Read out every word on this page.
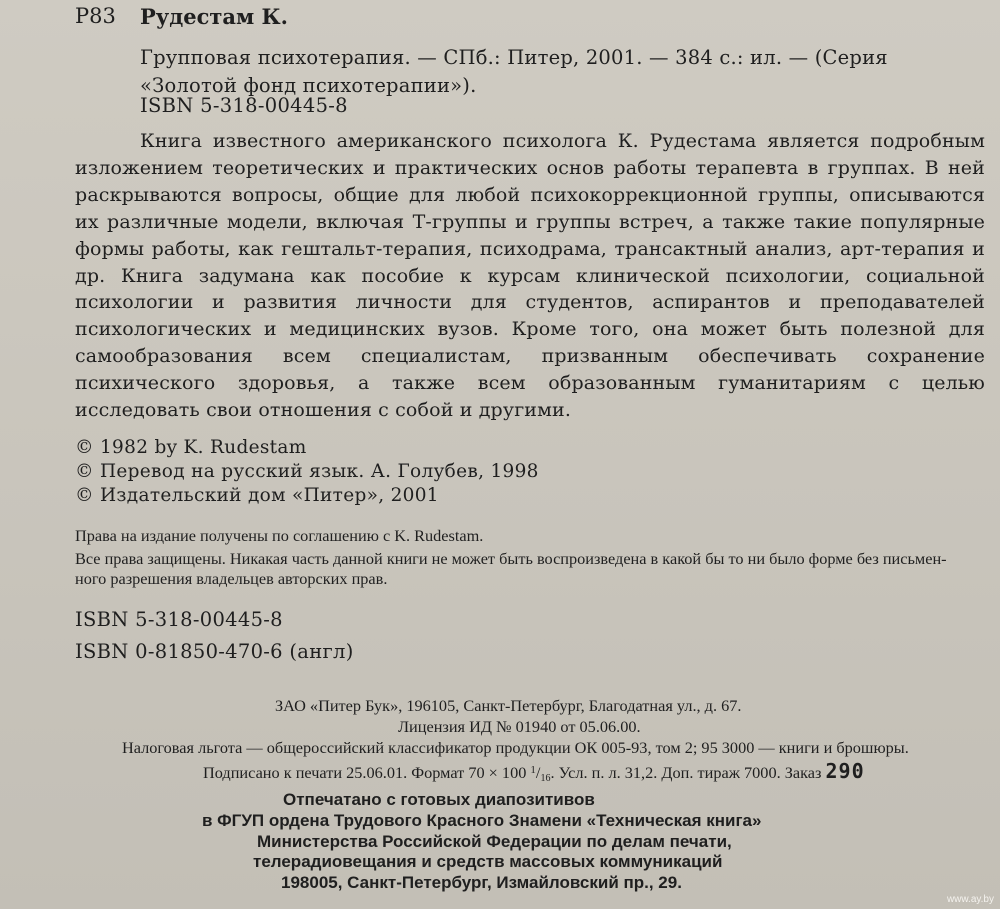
Р83 Рудестам К.
Групповая психотерапия. — СПб.: Питер, 2001. — 384 с.: ил. — (Серия «Золотой фонд психотерапии»).
ISBN 5-318-00445-8
Книга известного американского психолога К. Рудестама является подробным изложением теоретических и практических основ работы терапевта в группах. В ней раскрываются вопросы, общие для любой психокоррекционной группы, описываются их различные модели, включая Т-группы и группы встреч, а также такие популярные формы работы, как гештальт-терапия, психодрама, трансактный анализ, арт-терапия и др. Книга задумана как пособие к курсам клинической психологии, социальной психологии и развития личности для студентов, аспирантов и преподавателей психологических и медицинских вузов. Кроме того, она может быть полезной для самообразования всем специалистам, призванным обеспечивать сохранение психического здоровья, а также всем образованным гуманитариям с целью исследовать свои отношения с собой и другими.
© 1982 by K. Rudestam
© Перевод на русский язык. А. Голубев, 1998
© Издательский дом «Питер», 2001
Права на издание получены по соглашению с K. Rudestam.
Все права защищены. Никакая часть данной книги не может быть воспроизведена в какой бы то ни было форме без письмен-
ного разрешения владельцев авторских прав.
ISBN 5-318-00445-8
ISBN 0-81850-470-6 (англ)
ЗАО «Питер Бук», 196105, Санкт-Петербург, Благодатная ул., д. 67.
Лицензия ИД № 01940 от 05.06.00.
Налоговая льгота — общероссийский классификатор продукции ОК 005-93, том 2; 95 3000 — книги и брошюры.
Подписано к печати 25.06.01. Формат 70 × 100 $^1$/16. Усл. п. л. 31,2. Доп. тираж 7000. Заказ 290
Отпечатано с готовых диапозитивов
в ФГУП ордена Трудового Красного Знамени «Техническая книга»
Министерства Российской Федерации по делам печати,
телерадиовещания и средств массовых коммуникаций
198005, Санкт-Петербург, Измайловский пр., 29.
www.ay.by
